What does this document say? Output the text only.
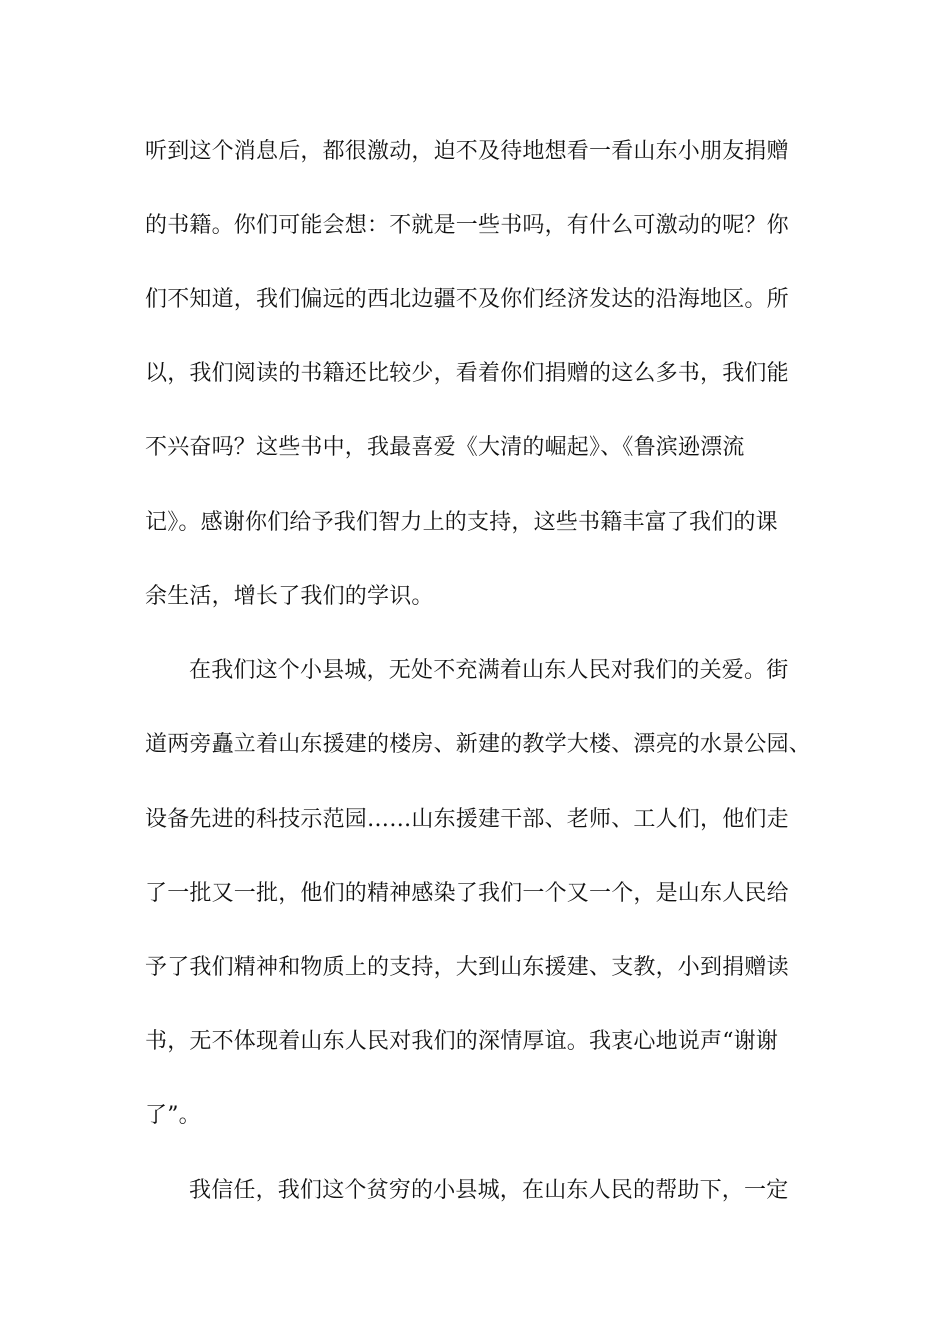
听到这个消息后，都很激动，迫不及待地想看一看山东小朋友捐赠
的书籍。你们可能会想：不就是一些书吗，有什么可激动的呢？你
们不知道，我们偏远的西北边疆不及你们经济发达的沿海地区。所
以，我们阅读的书籍还比较少，看着你们捐赠的这么多书，我们能
不兴奋吗？这些书中，我最喜爱《大清的崛起》、《鲁滨逊漂流
记》。感谢你们给予我们智力上的支持，这些书籍丰富了我们的课
余生活，增长了我们的学识。
在我们这个小县城，无处不充满着山东人民对我们的关爱。街
道两旁矗立着山东援建的楼房、新建的教学大楼、漂亮的水景公园、
设备先进的科技示范园……山东援建干部、老师、工人们，他们走
了一批又一批，他们的精神感染了我们一个又一个，是山东人民给
予了我们精神和物质上的支持，大到山东援建、支教，小到捐赠读
书，无不体现着山东人民对我们的深情厚谊。我衷心地说声“谢谢
了”。
我信任，我们这个贫穷的小县城，在山东人民的帮助下，一定
